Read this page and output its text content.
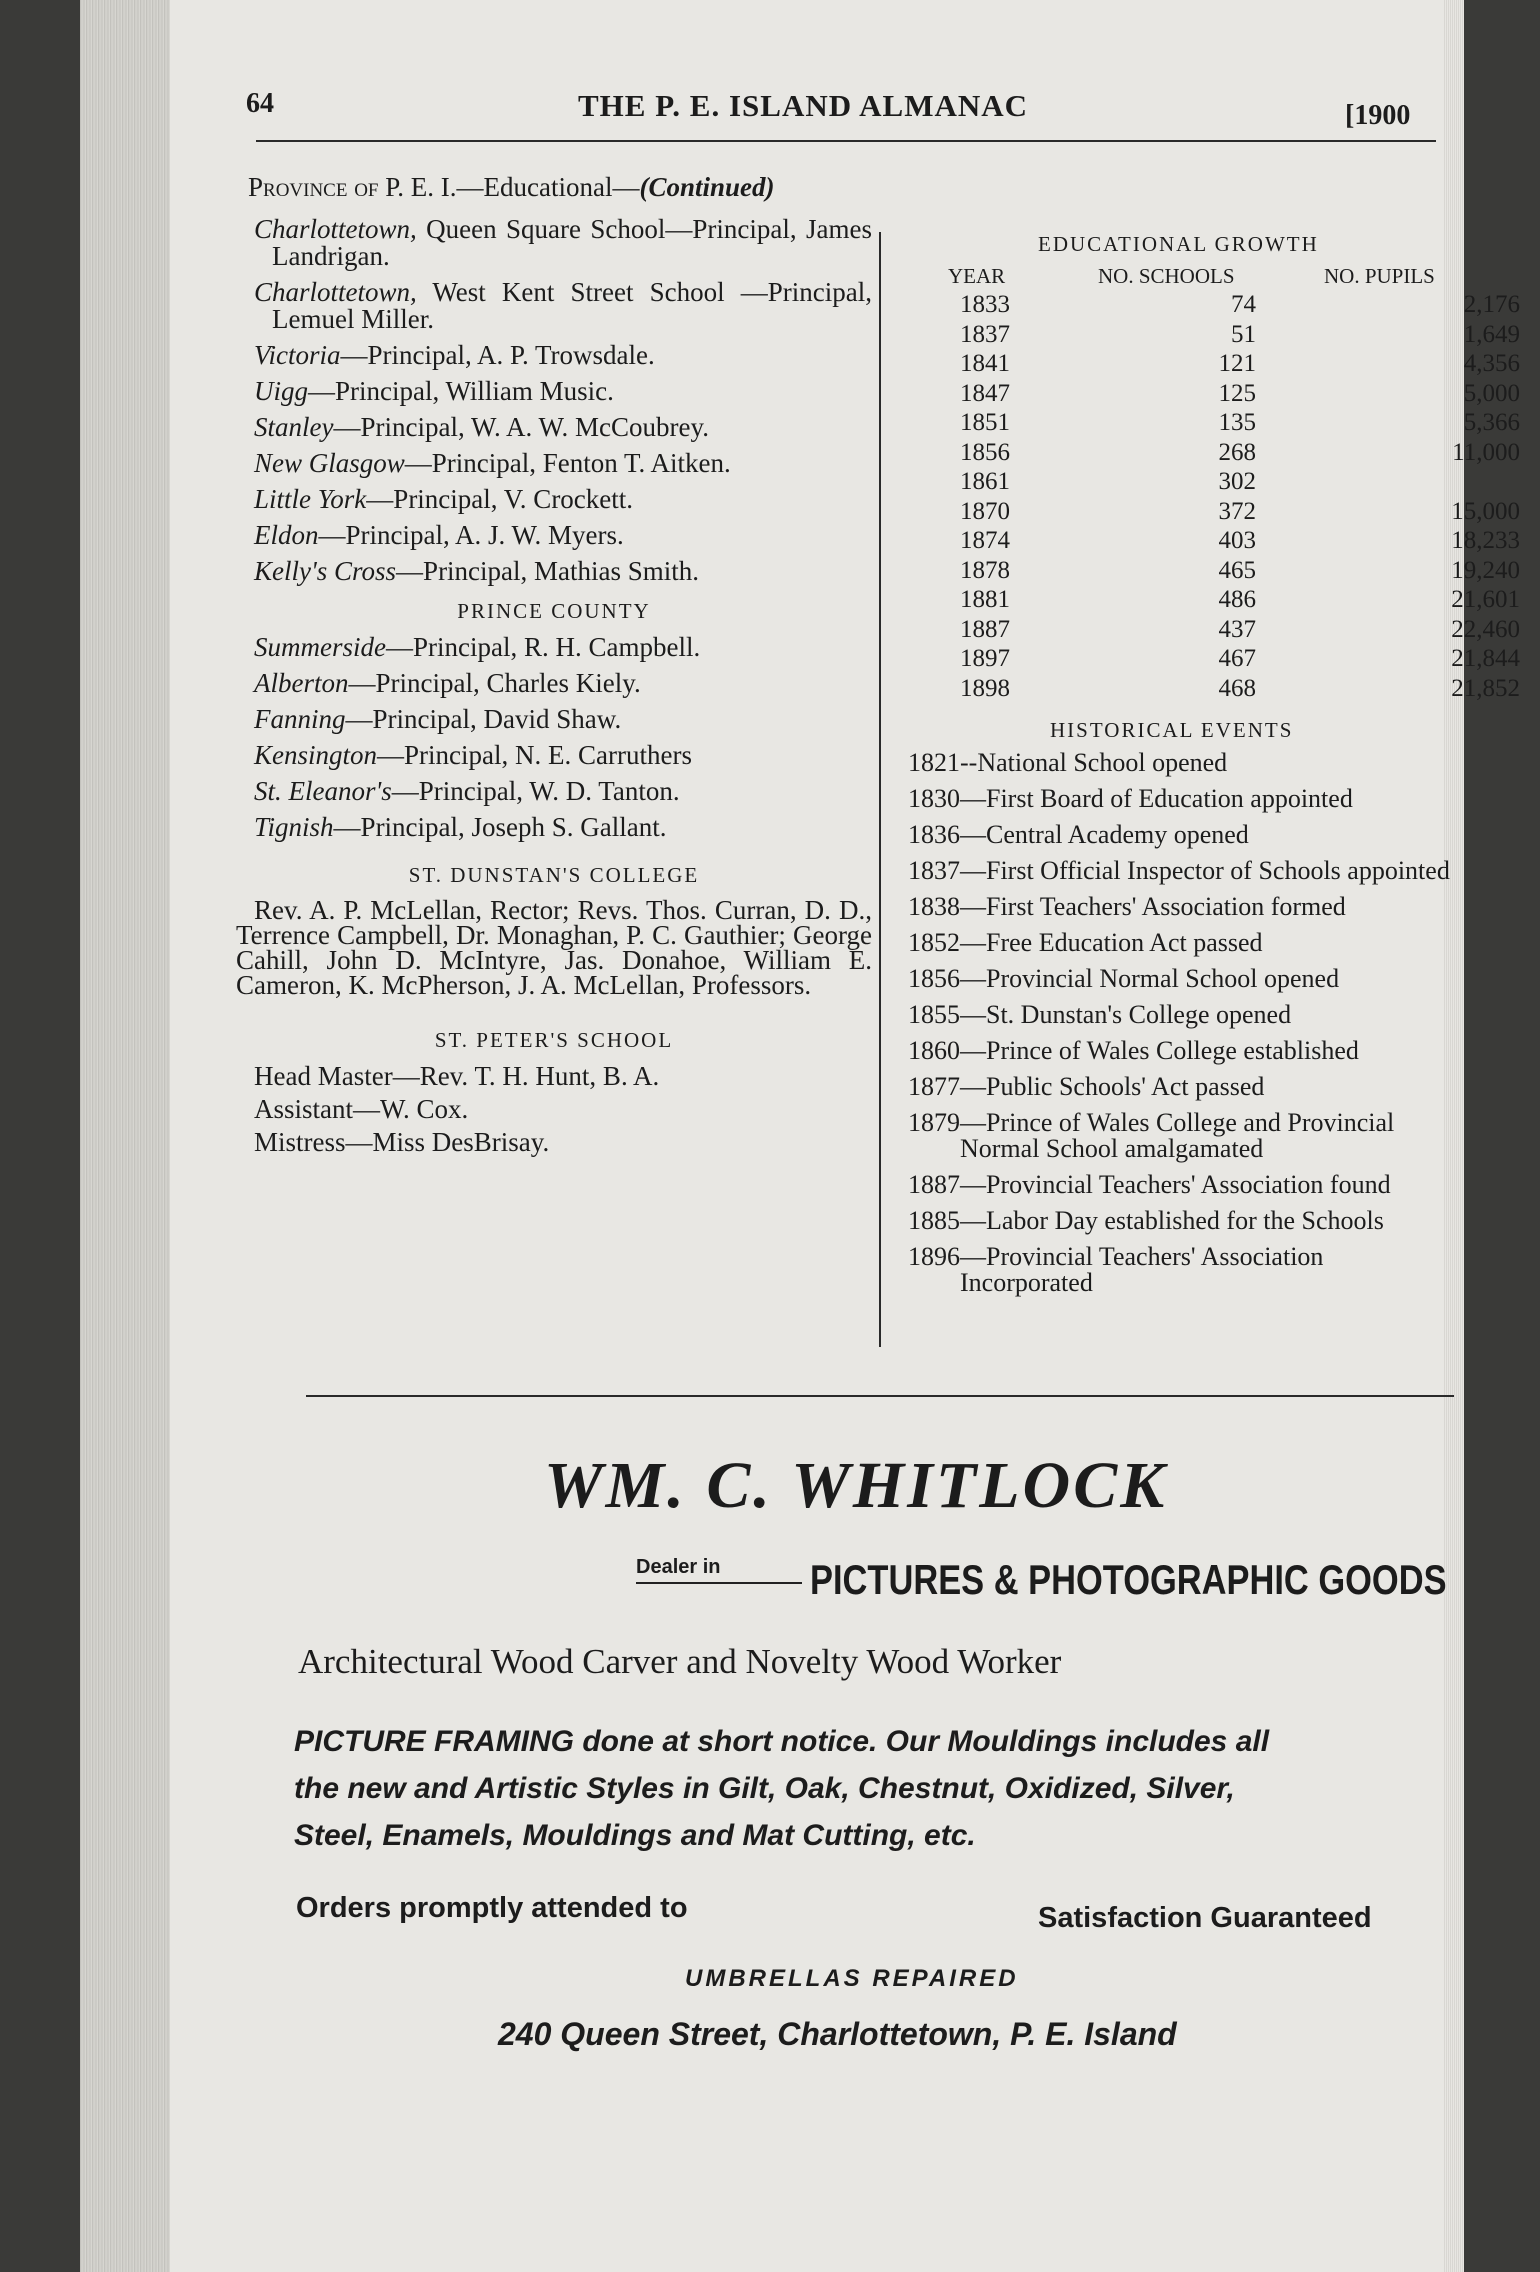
64	THE P. E. ISLAND ALMANAC	[1900
Province of P. E. I.—Educational—(Continued)
Charlottetown, Queen Square School—Principal, James Landrigan.
Charlottetown, West Kent Street School —Principal, Lemuel Miller.
Victoria—Principal, A. P. Trowsdale.
Uigg—Principal, William Music.
Stanley—Principal, W. A. W. McCoubrey.
New Glasgow—Principal, Fenton T. Aitken.
Little York—Principal, V. Crockett.
Eldon—Principal, A. J. W. Myers.
Kelly's Cross—Principal, Mathias Smith.
PRINCE COUNTY
Summerside—Principal, R. H. Campbell.
Alberton—Principal, Charles Kiely.
Fanning—Principal, David Shaw.
Kensington—Principal, N. E. Carruthers
St. Eleanor's—Principal, W. D. Tanton.
Tignish—Principal, Joseph S. Gallant.
ST. DUNSTAN'S COLLEGE
Rev. A. P. McLellan, Rector; Revs. Thos. Curran, D. D., Terrence Campbell, Dr. Monaghan, P. C. Gauthier; George Cahill, John D. McIntyre, Jas. Donahoe, William E. Cameron, K. McPherson, J. A. McLellan, Professors.
ST. PETER'S SCHOOL
Head Master—Rev. T. H. Hunt, B. A.
Assistant—W. Cox.
Mistress—Miss DesBrisay.
EDUCATIONAL GROWTH
YEAR	NO. SCHOOLS	NO. PUPILS
1833	74	2,176
1837	51	1,649
1841	121	4,356
1847	125	5,000
1851	135	5,366
1856	268	11,000
1861	302
1870	372	15,000
1874	403	18,233
1878	465	19,240
1881	486	21,601
1887	437	22,460
1897	467	21,844
1898	468	21,852
HISTORICAL EVENTS
1821 --National School opened
1830 —First Board of Education appointed
1836 —Central Academy opened
1837 —First Official Inspector of Schools appointed
1838 —First Teachers' Association formed
1852 —Free Education Act passed
1856 —Provincial Normal School opened
1855 —St. Dunstan's College opened
1860 —Prince of Wales College established
1877 —Public Schools' Act passed
1879 —Prince of Wales College and Provincial Normal School amalgamated
1887 —Provincial Teachers' Association found
1885 —Labor Day established for the Schools
1896 —Provincial Teachers' Association Incorporated
WM. C. WHITLOCK
Dealer in PICTURES & PHOTOGRAPHIC GOODS
Architectural Wood Carver and Novelty Wood Worker
PICTURE FRAMING done at short notice. Our Mouldings includes all
the new and Artistic Styles in Gilt, Oak, Chestnut, Oxidized, Silver,
Steel, Enamels, Mouldings and Mat Cutting, etc.
Orders promptly attended to	Satisfaction Guaranteed
UMBRELLAS REPAIRED
240 Queen Street, Charlottetown, P. E. Island
